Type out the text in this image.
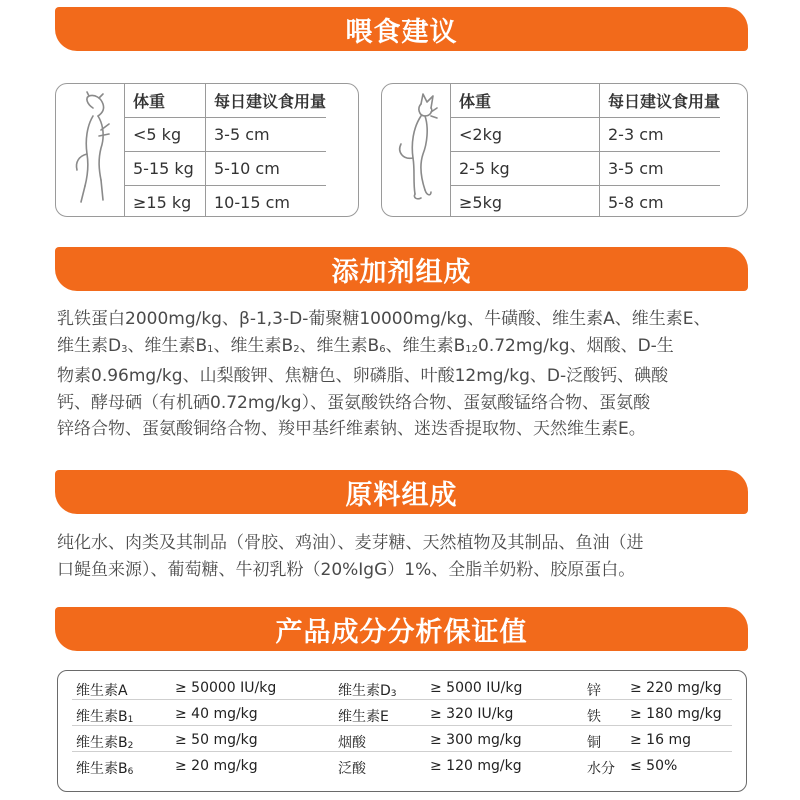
喂食建议
体重	每日建议食用量
<5 kg	3-5 cm
5-15 kg	5-10 cm
≥15 kg	10-15 cm
体重	每日建议食用量
<2kg	2-3 cm
2-5 kg	3-5 cm
≥5kg	5-8 cm
添加剂组成
乳铁蛋白2000mg/kg、β-1,3-D-葡聚糖10000mg/kg、牛磺酸、维生素A、维生素E、
维生素$D_3$、维生素$B_1$、维生素$B_2$、维生素$B_6$、维生素$B_{12}0.72mg/kg$、烟酸、D-生
物素0.96mg/kg、山梨酸钾、焦糖色、卵磷脂、叶酸12mg/kg、D-泛酸钙、碘酸
钙、酵母硒（有机硒0.72mg/kg）、蛋氨酸铁络合物、蛋氨酸锰络合物、蛋氨酸
锌络合物、蛋氨酸铜络合物、羧甲基纤维素钠、迷迭香提取物、天然维生素E。
原料组成
纯化水、肉类及其制品（骨胶、鸡油）、麦芽糖、天然植物及其制品、鱼油（进
口鳀鱼来源）、葡萄糖、牛初乳粉（20%IgG）1%、全脂羊奶粉、胶原蛋白。
产品成分分析保证值
维生素A	≥ 50000 IU/kg	维生素$D_3 \ge 5000$ IU/kg	锌 ≥ 220 mg/kg
维生素$B_1$	≥ 40 mg/kg	维生素E	≥ 320 IU/kg	铁 ≥ 180 mg/kg
维生素$B_2$	≥ 50 mg/kg	烟酸	≥ 300 mg/kg	铜 ≥ 16 mg
维生素$B_6$	≥ 20 mg/kg	泛酸	≥ 120 mg/kg	水分 ≤ 50%
